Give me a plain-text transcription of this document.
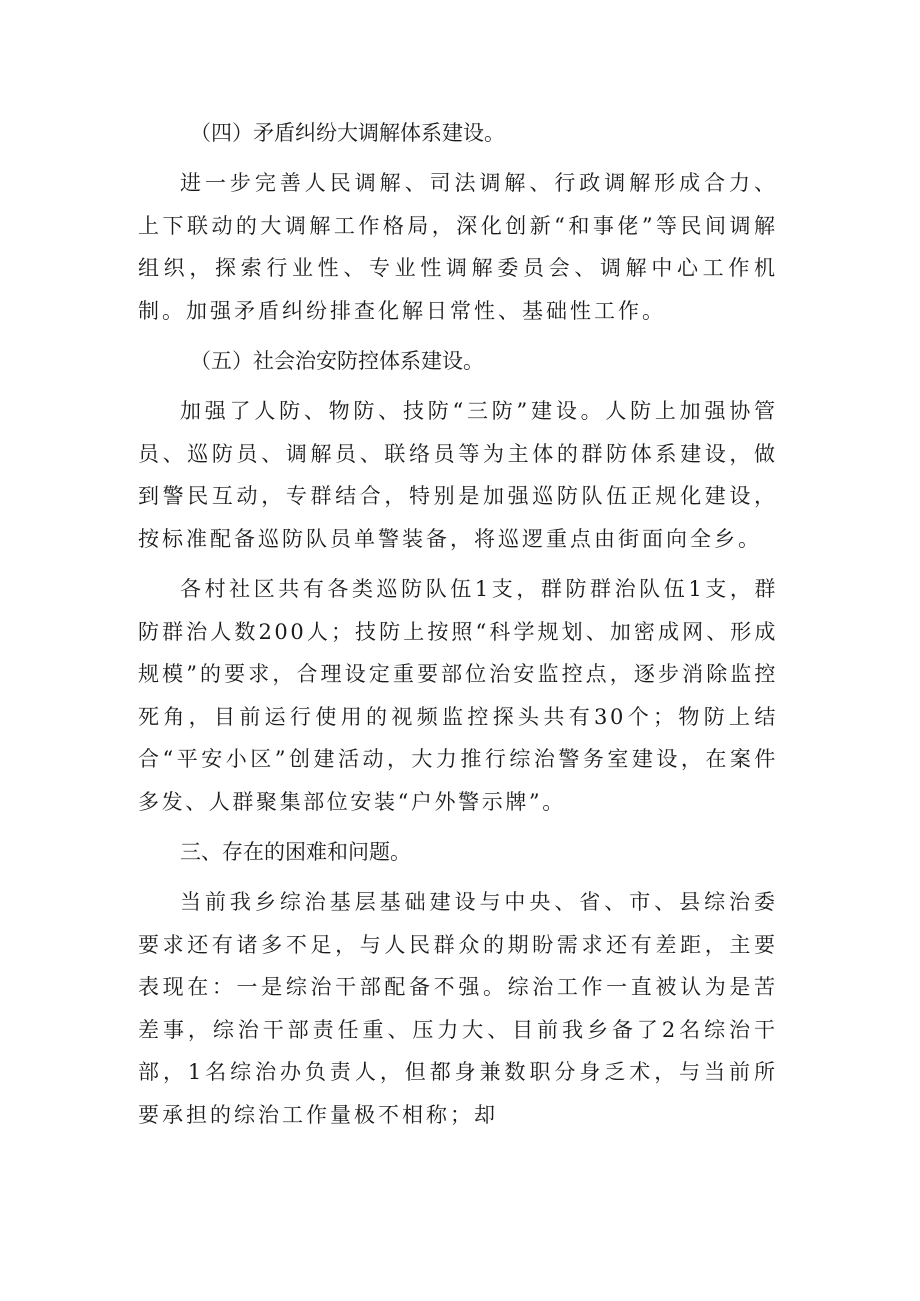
（四）矛盾纠纷大调解体系建设。

进一步完善人民调解、司法调解、行政调解形成合力、上下联动的大调解工作格局，深化创新“和事佬”等民间调解组织，探索行业性、专业性调解委员会、调解中心工作机制。加强矛盾纠纷排查化解日常性、基础性工作。

（五）社会治安防控体系建设。

加强了人防、物防、技防“三防”建设。人防上加强协管员、巡防员、调解员、联络员等为主体的群防体系建设，做到警民互动，专群结合，特别是加强巡防队伍正规化建设，按标准配备巡防队员单警装备，将巡逻重点由街面向全乡。

各村社区共有各类巡防队伍1支，群防群治队伍1支，群防群治人数200人；技防上按照“科学规划、加密成网、形成规模”的要求，合理设定重要部位治安监控点，逐步消除监控死角，目前运行使用的视频监控探头共有30个；物防上结合“平安小区”创建活动，大力推行综治警务室建设，在案件多发、人群聚集部位安装“户外警示牌”。

三、存在的困难和问题。

当前我乡综治基层基础建设与中央、省、市、县综治委要求还有诸多不足，与人民群众的期盼需求还有差距，主要表现在：一是综治干部配备不强。综治工作一直被认为是苦差事，综治干部责任重、压力大、目前我乡备了2名综治干部，1名综治办负责人，但都身兼数职分身乏术，与当前所要承担的综治工作量极不相称；却
